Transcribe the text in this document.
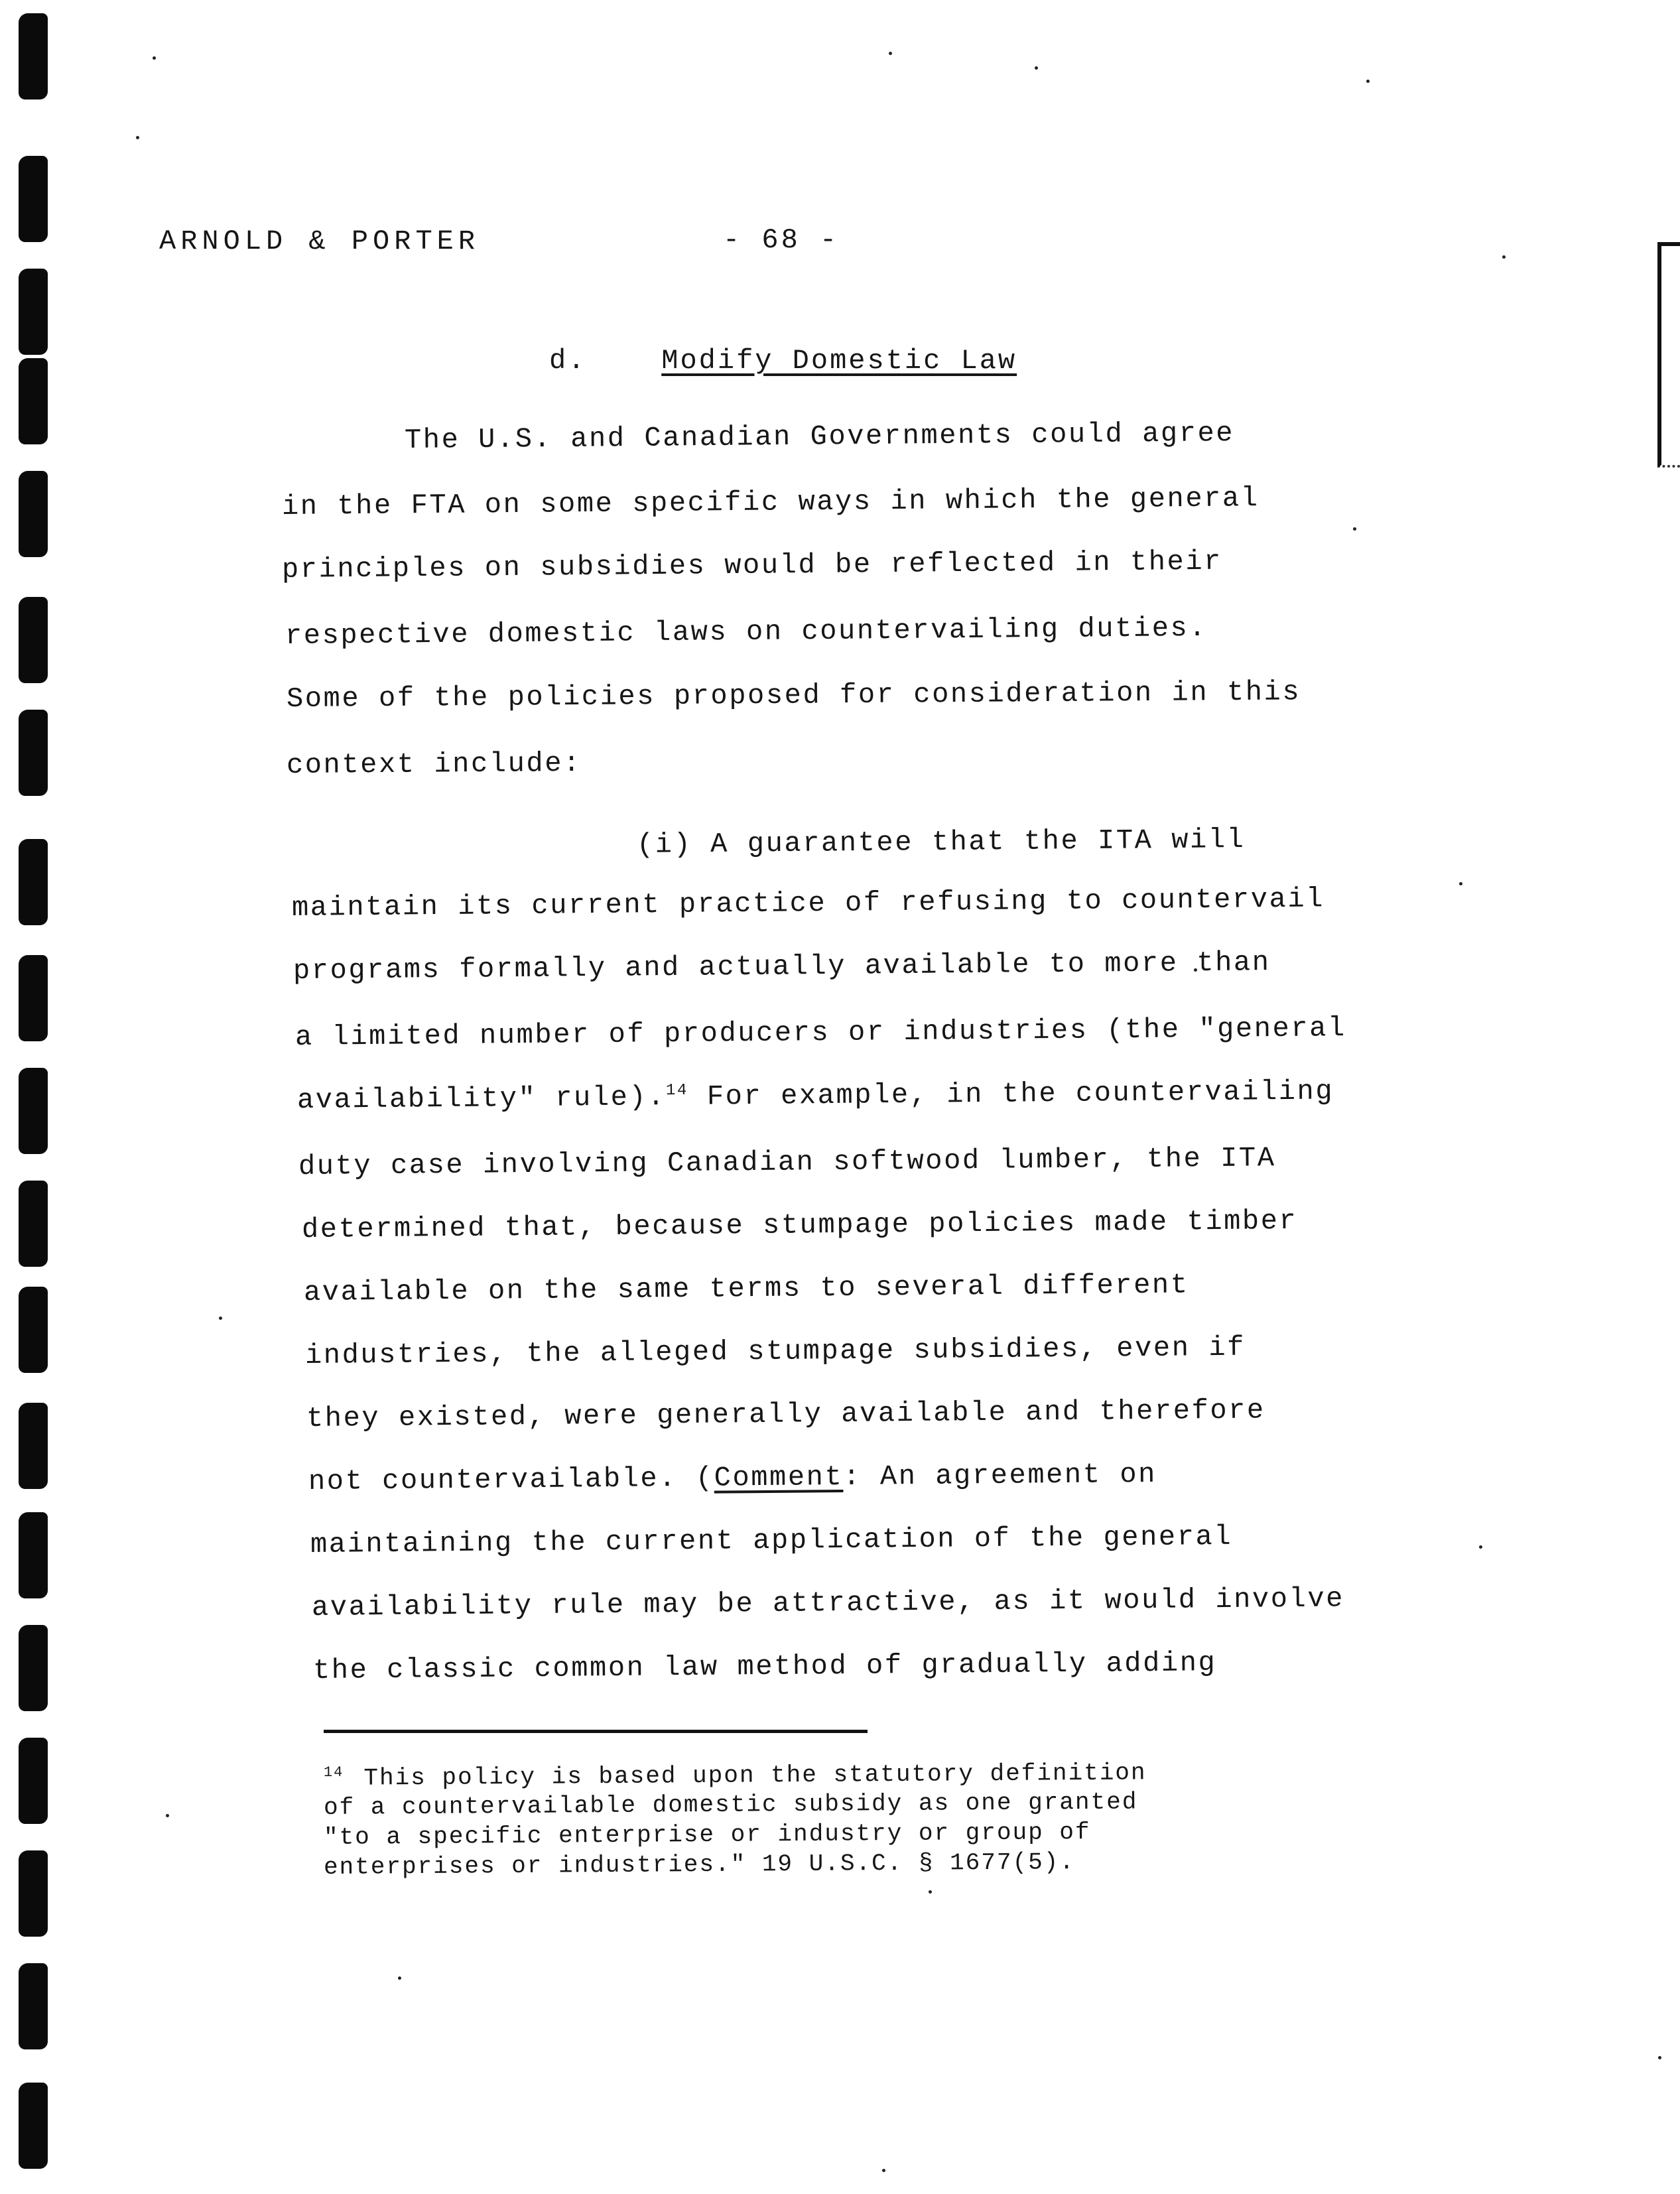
ARNOLD & PORTER	- 68 -
d.	Modify Domestic Law
The U.S. and Canadian Governments could agree
in the FTA on some specific ways in which the general
principles on subsidies would be reflected in their
respective domestic laws on countervailing duties.
Some of the policies proposed for consideration in this
context include:
(i) A guarantee that the ITA will
maintain its current practice of refusing to countervail
programs formally and actually available to more than
a limited number of producers or industries (the "general
availability" rule).$^{14}$ For example, in the countervailing
duty case involving Canadian softwood lumber, the ITA
determined that, because stumpage policies made timber
available on the same terms to several different
industries, the alleged stumpage subsidies, even if
they existed, were generally available and therefore
not countervailable. (Comment: An agreement on
maintaining the current application of the general
availability rule may be attractive, as it would involve
the classic common law method of gradually adding
$^{14}$ This policy is based upon the statutory definition
of a countervailable domestic subsidy as one granted
"to a specific enterprise or industry or group of
enterprises or industries." 19 U.S.C. § 1677(5).
